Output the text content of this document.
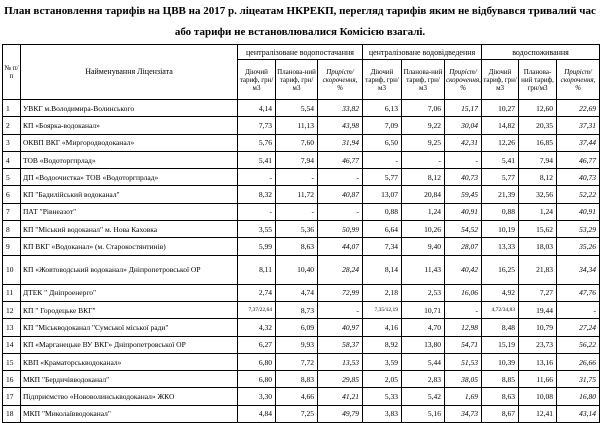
План встановлення тарифів на ЦВВ на 2017 р. ліцеатам НКРЕКП, перегляд тарифів яким не відбувався тривалий час
або тарифи не встановлювалися Комісією взагалі.
№ п/п	Найменування Ліцензіата	централізоване водопостачання			централізоване водовідведення			водоспоживання		
		Діючий тариф, грн/м3	Планова-ний тариф, грн/м3	Приріст/ скорочення, %	Діючий тариф, грн/м3	Планова-ний тариф, грн/м3	Приріст/ скорочення, %	Діючий тариф, грн/м3	Планова-ний тариф, грн/м3	Приріст/ скорочення, %
1	УВКГ м.Володимира-Волинського	4,14	5,54	33,82	6,13	7,06	15,17	10,27	12,60	22,69
2	КП «Боярка-водоканал»	7,73	11,13	43,98	7,09	9,22	30,04	14,82	20,35	37,31
3	ОКВП ВКГ «Миргородводоканал»	5,76	7,60	31,94	6,50	9,25	42,31	12,26	16,85	37,44
4	ТОВ «Водоторгпрлад»	5,41	7,94	46,77	-	-	-	5,41	7,94	46,77
5	ДП «Водоочистка» ТОВ «Водоторгпрлад»	-	-	-	5,77	8,12	40,73	5,77	8,12	40,73
6	КП "Бадилійський водоканал"	8,32	11,72	40,87	13,07	20,84	59,45	21,39	32,56	52,22
7	ПАТ "Рівнеазот"	-	-	-	0,88	1,24	40,91	0,88	1,24	40,91
8	КП "Міський водоканал" м. Нова Каховка	3,55	5,36	50,99	6,64	10,26	54,52	10,19	15,62	53,29
9	КП ВКГ «Водоканал» (м. Старокостянтинів)	5,99	8,63	44,07	7,34	9,40	28,07	13,33	18,03	35,26
10	КП «Жовтоводський водоканал» Дніпропетровської ОР	8,11	10,40	28,24	8,14	11,43	40,42	16,25	21,83	34,34
11	ДТЕК " Дніпроенерго"	2,74	4,74	72,99	2,18	2,53	16,06	4,92	7,27	47,76
12	КП " Городецьке ВКГ"	7,37/22,64	8,73	-	7,35/12,19	10,71	-	4,72/34,83	19,44	-
13	КП "Міськводоканал "Сумської міської ради"	4,32	6,09	40,97	4,16	4,70	12,98	8,48	10,79	27,24
14	КП «Марганецьке ВУ ВКГ» Дніпропетровської ОР	6,27	9,93	58,37	8,92	13,80	54,71	15,19	23,73	56,22
15	КВП «Краматорськводоканал»	6,80	7,72	13,53	3,59	5,44	51,53	10,39	13,16	26,66
16	МКП "Бердичівводоканал"	6,80	8,83	29,85	2,05	2,83	38,05	8,85	11,66	31,75
17	Підприємство «Нововолинськводоканал» ЖКО	3,30	4,66	41,21	5,33	5,42	1,69	8,63	10,08	16,80
18	МКП "Миколаївводоканал"	4,84	7,25	49,79	3,83	5,16	34,73	8,67	12,41	43,14
